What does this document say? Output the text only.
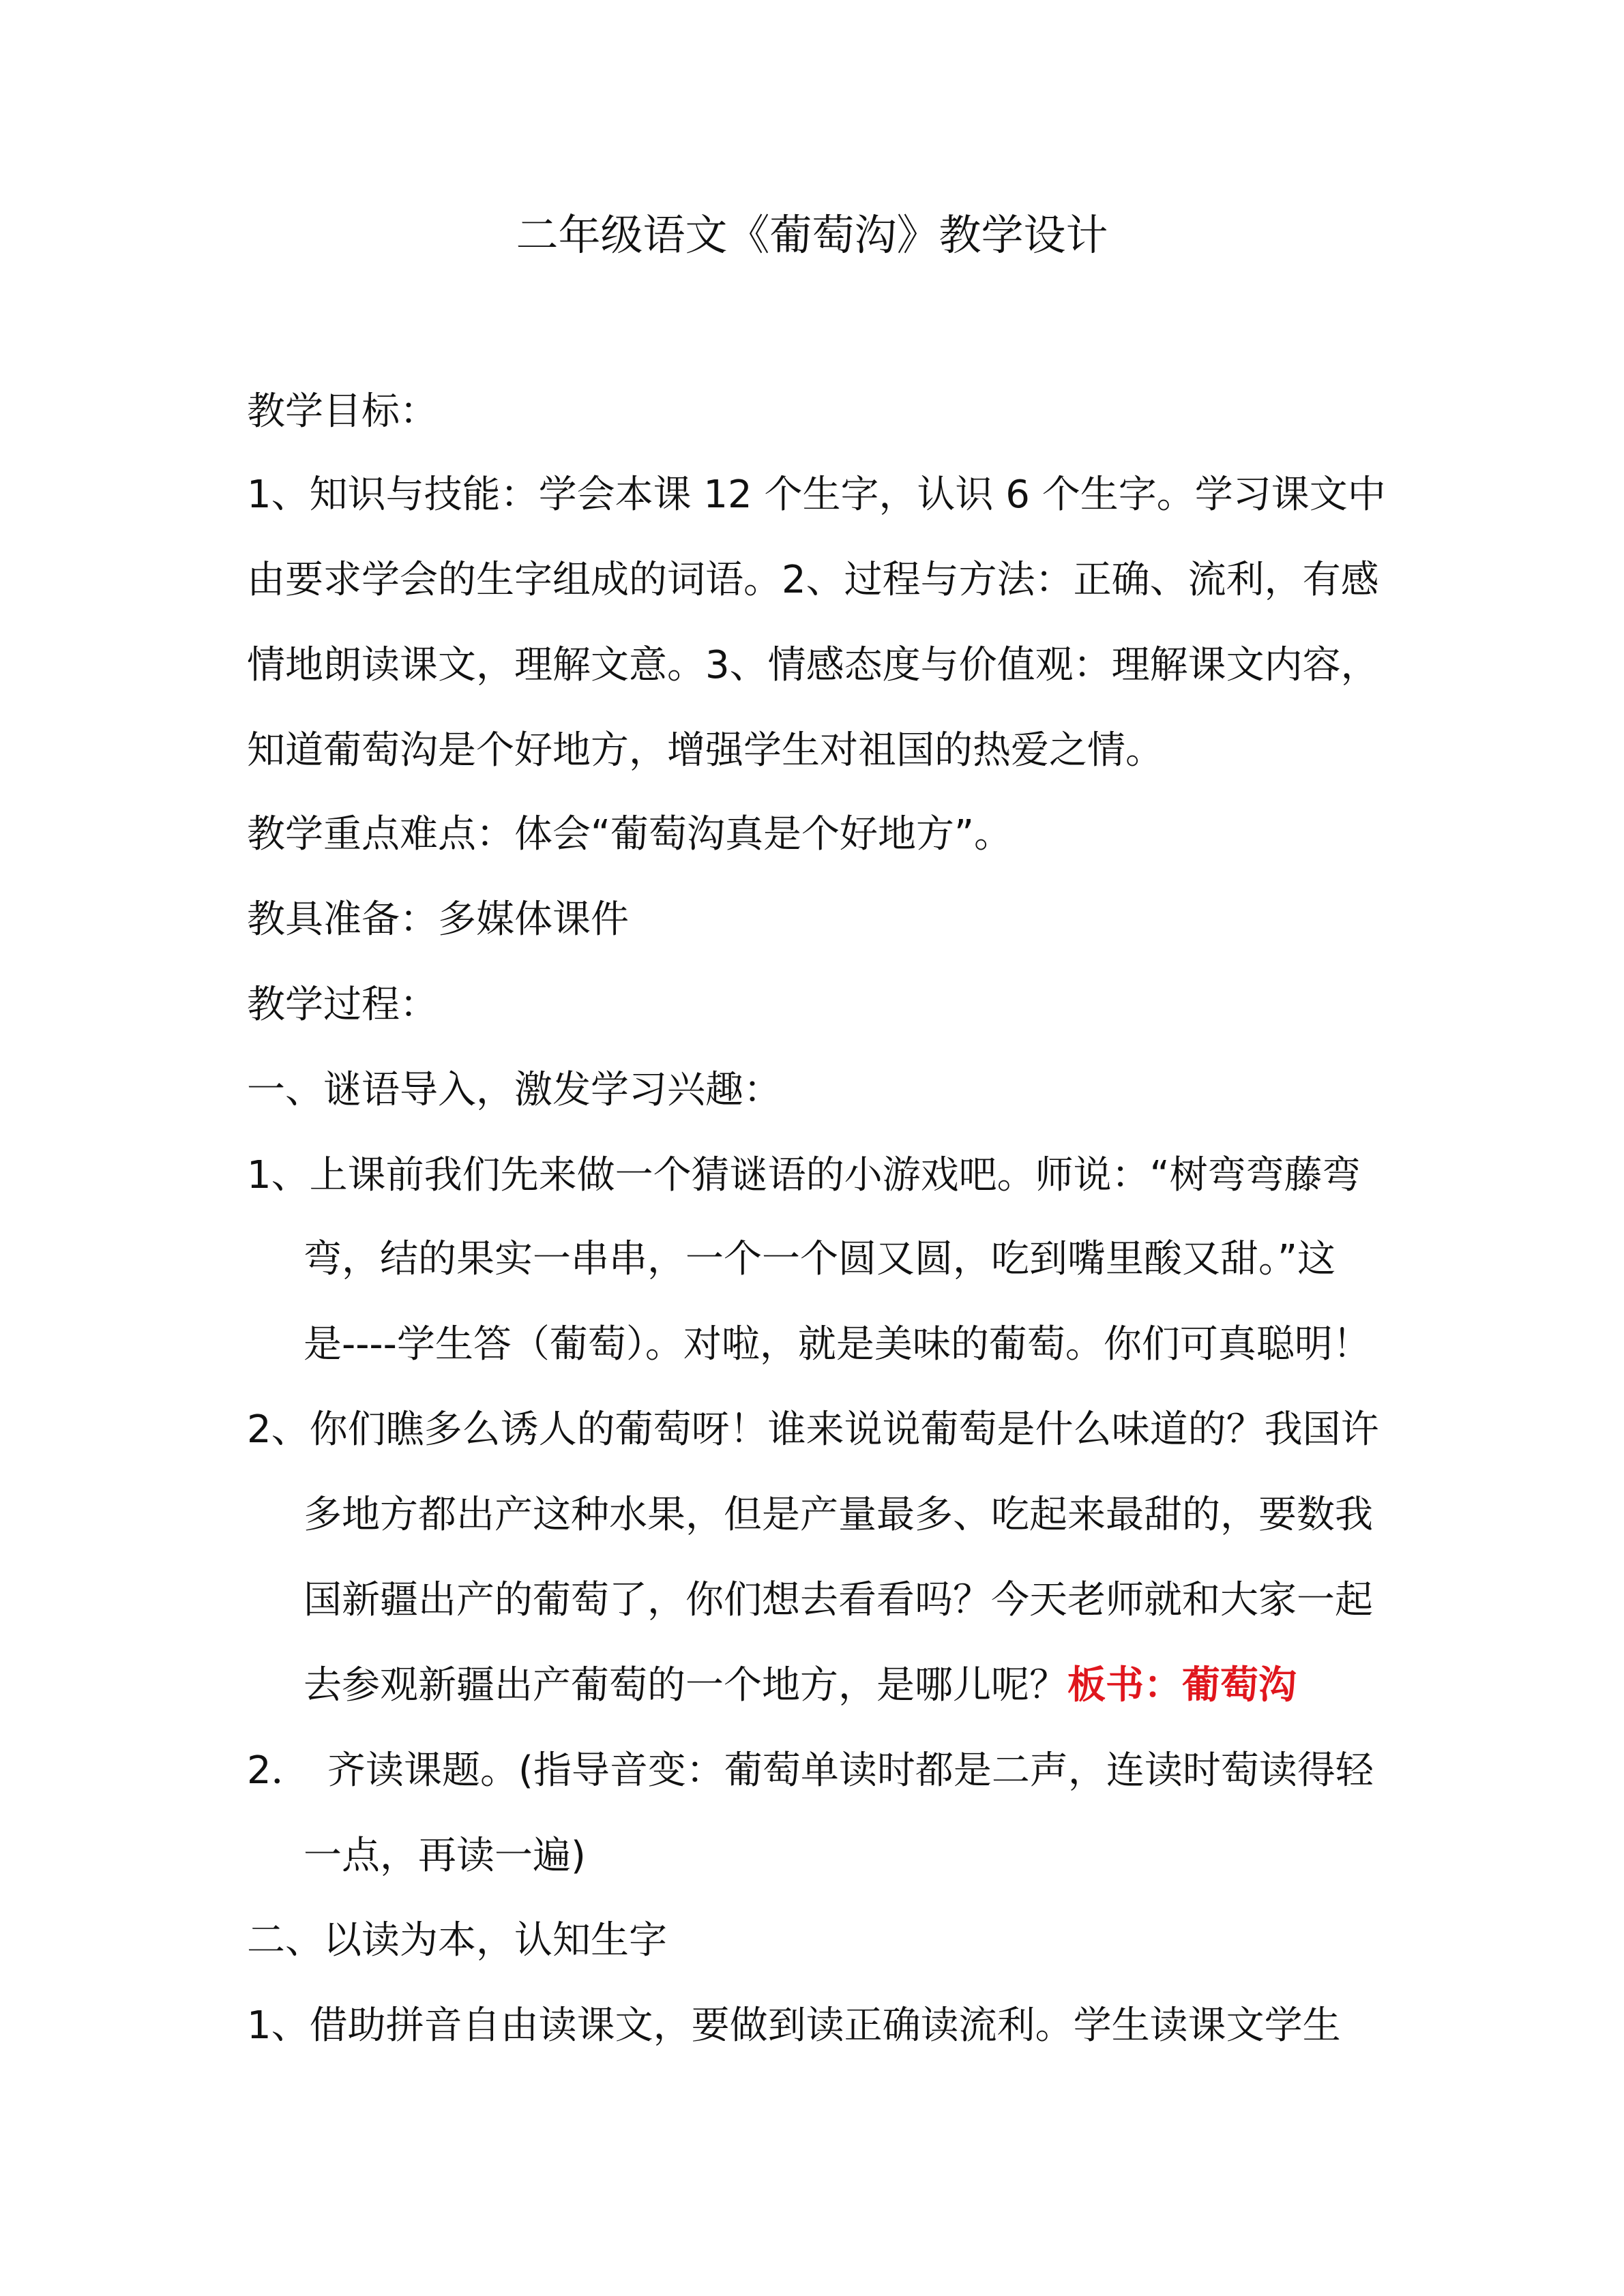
二年级语文《葡萄沟》教学设计
教学目标：
1、知识与技能：学会本课 12 个生字，认识 6 个生字。学习课文中
由要求学会的生字组成的词语。2、过程与方法：正确、流利，有感
情地朗读课文，理解文意。3、情感态度与价值观：理解课文内容，
知道葡萄沟是个好地方，增强学生对祖国的热爱之情。
教学重点难点：体会“葡萄沟真是个好地方”。
教具准备：多媒体课件
教学过程：
一、谜语导入，激发学习兴趣：
1、上课前我们先来做一个猜谜语的小游戏吧。师说：“树弯弯藤弯
弯，结的果实一串串，一个一个圆又圆，吃到嘴里酸又甜。”这
是----学生答（葡萄）。对啦，就是美味的葡萄。你们可真聪明！
2、你们瞧多么诱人的葡萄呀！谁来说说葡萄是什么味道的？我国许
多地方都出产这种水果，但是产量最多、吃起来最甜的，要数我
国新疆出产的葡萄了，你们想去看看吗？今天老师就和大家一起
去参观新疆出产葡萄的一个地方，是哪儿呢？板书：葡萄沟
2． 齐读课题。(指导音变：葡萄单读时都是二声，连读时萄读得轻
一点，再读一遍)
二、以读为本，认知生字
1、借助拼音自由读课文，要做到读正确读流利。学生读课文学生
